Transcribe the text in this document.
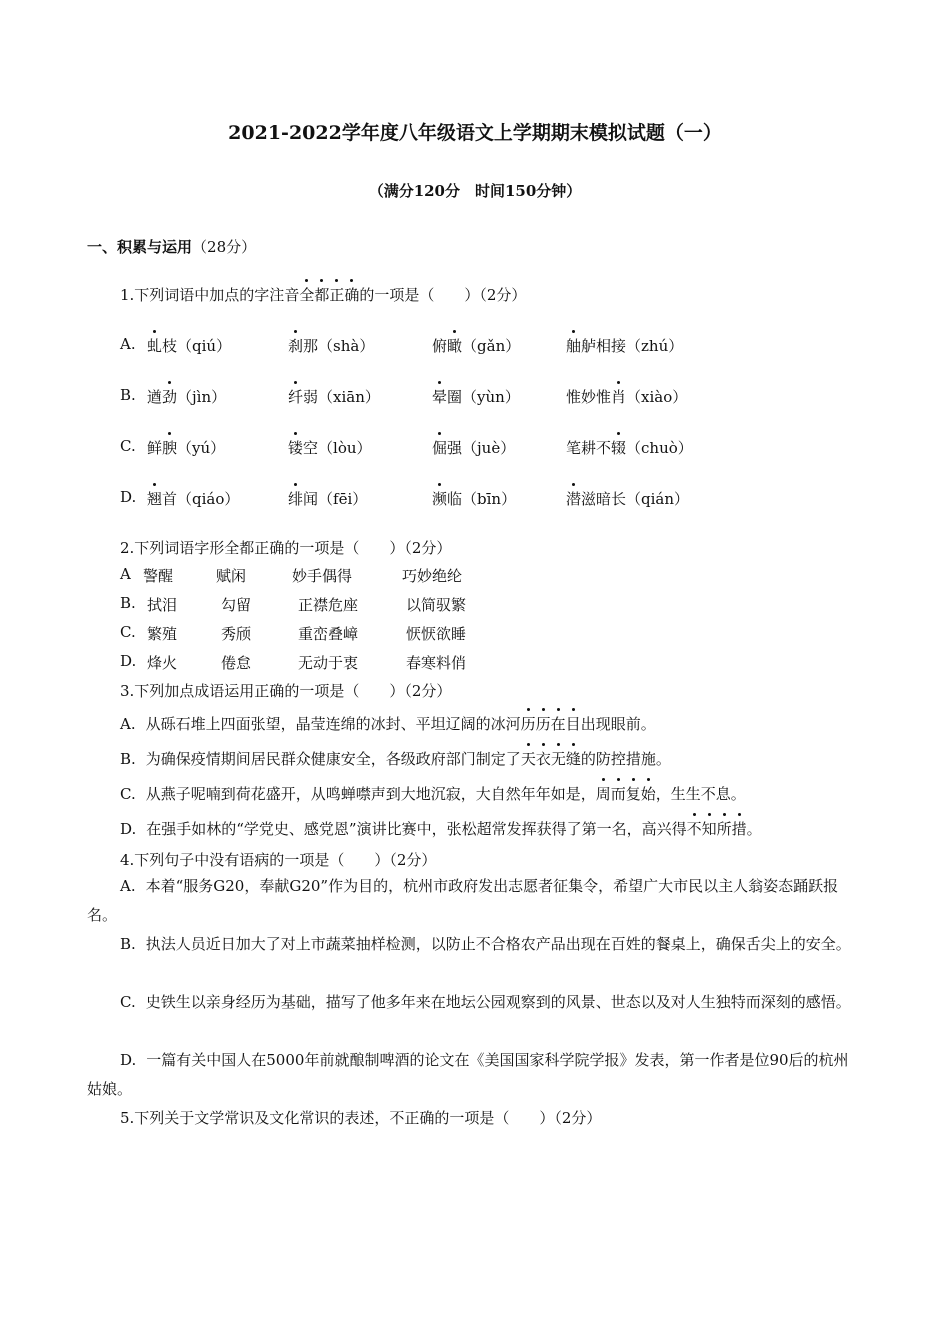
2021-2022学年度八年级语文上学期期末模拟试题（一）
（满分120分　时间150分钟）
一、积累与运用（28分）
1.下列词语中加点的字注音全都正确的一项是（　　）（2分）
A. 虬枝（qiú）	刹那（shà）	俯瞰（gǎn）	舳舻相接（zhú）
B. 遒劲（jìn）	纤弱（xiān）	晕圈（yùn）	惟妙惟肖（xiào）
C. 鲜腴（yú）	镂空（lòu）	倔强（juè）	笔耕不辍（chuò）
D. 翘首（qiáo）	绯闻（fēi）	濒临（bīn）	潜滋暗长（qián）
2.下列词语字形全都正确的一项是（　　）（2分）
A 警醒	赋闲	妙手偶得	巧妙绝纶
B. 拭泪	勾留	正襟危座	以简驭繁
C. 繁殖	秀颀	重峦叠嶂	恹恹欲睡
D. 烽火	倦怠	无动于衷	春寒料俏
3.下列加点成语运用正确的一项是（　　）（2分）
A. 从砾石堆上四面张望，晶莹连绵的冰封、平坦辽阔的冰河历历在目出现眼前。
B. 为确保疫情期间居民群众健康安全，各级政府部门制定了天衣无缝的防控措施。
C. 从燕子呢喃到荷花盛开，从鸣蝉噤声到大地沉寂，大自然年年如是，周而复始，生生不息。
D. 在强手如林的“学党史、感党恩”演讲比赛中，张松超常发挥获得了第一名，高兴得不知所措。
4.下列句子中没有语病的一项是（　　）（2分）
A. 本着“服务G20，奉献G20”作为目的，杭州市政府发出志愿者征集令，希望广大市民以主人翁姿态踊跃报名。
B. 执法人员近日加大了对上市蔬菜抽样检测，以防止不合格农产品出现在百姓的餐桌上，确保舌尖上的安全。
C. 史铁生以亲身经历为基础，描写了他多年来在地坛公园观察到的风景、世态以及对人生独特而深刻的感悟。
D. 一篇有关中国人在5000年前就酿制啤酒的论文在《美国国家科学院学报》发表，第一作者是位90后的杭州姑娘。
5.下列关于文学常识及文化常识的表述，不正确的一项是（　　）（2分）
